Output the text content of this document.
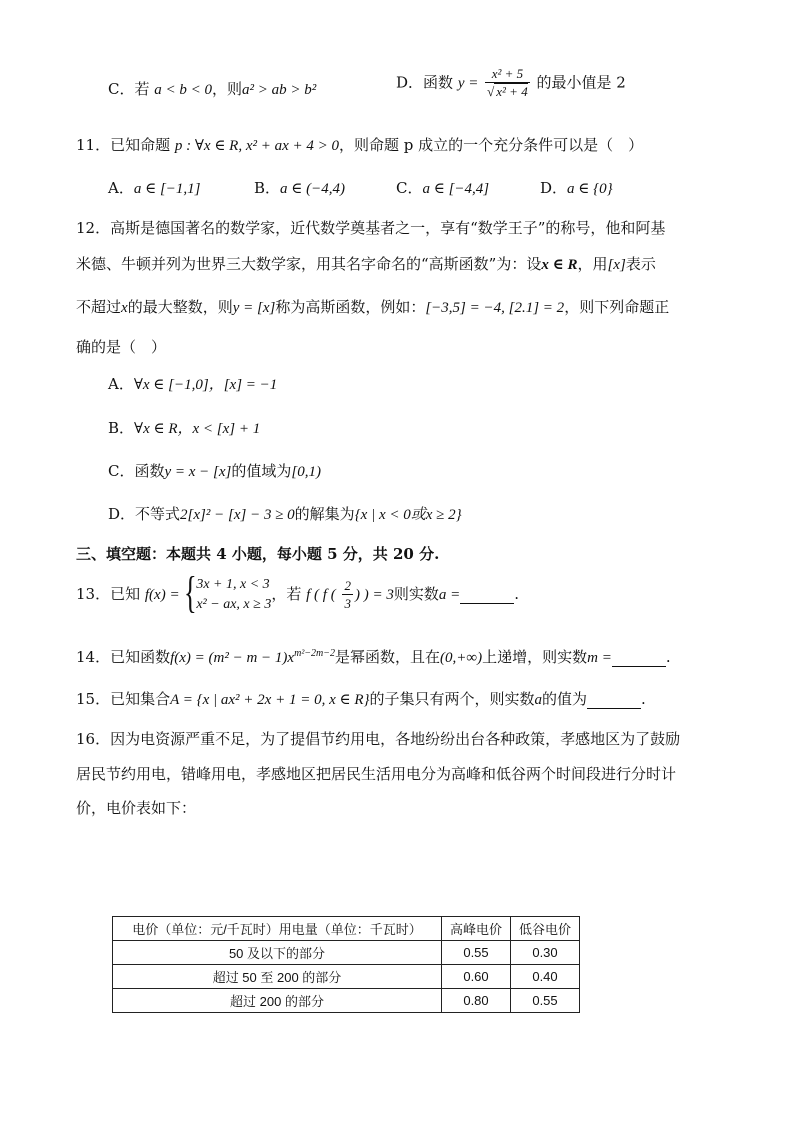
C．若 a < b < 0，则a² > ab > b²	D．函数 $y = \frac{\text{x² + 5}}{\text{√ x² + 4}}$ 的最小值是 2
11．已知命题 p : ∀x ∈ R, x² + ax + 4 > 0，则命题 p 成立的一个充分条件可以是（　）
A．a ∈ [−1,1]	B．a ∈ (−4,4)	C．a ∈ [−4,4]	D．a ∈ {0}
12．高斯是德国著名的数学家，近代数学奠基者之一，享有“数学王子”的称号，他和阿基
米德、牛顿并列为世界三大数学家，用其名字命名的“高斯函数”为：设x ∈ R，用[x]表示
不超过x的最大整数，则y = [x]称为高斯函数，例如：[−3,5] = −4, [2.1] = 2，则下列命题正
确的是（　）
A．∀x ∈ [−1,0]，[x] = −1
B．∀x ∈ R，x < [x] + 1
C．函数y = x − [x]的值域为[0,1)
D．不等式2[x]² − [x] − 3 ≥ 0的解集为{x | x < 0或x ≥ 2}
三、填空题：本题共 4 小题，每小题 5 分，共 20 分.
13．已知 f(x) = { 3x + 1, x < 3
x² − ax, x ≥ 3
，若 f ( f ( $\frac{2}{3}$ ) ) = 3则实数a =	.
14．已知函数$f(x) = (m^2 - m - 1)x^{m^2-2m-2}$是幂函数，且在(0,+∞)上递增，则实数m =	.
15．已知集合A = {x | ax² + 2x + 1 = 0, x ∈ R}的子集只有两个，则实数a的值为	.
16．因为电资源严重不足，为了提倡节约用电，各地纷纷出台各种政策，孝感地区为了鼓励
居民节约用电，错峰用电，孝感地区把居民生活用电分为高峰和低谷两个时间段进行分时计
价，电价表如下：
电价（单位：元/千瓦时）用电量（单位：千瓦时）	高峰电价	低谷电价
50 及以下的部分	0.55	0.30
超过 50 至 200 的部分	0.60	0.40
超过 200 的部分	0.80	0.55
